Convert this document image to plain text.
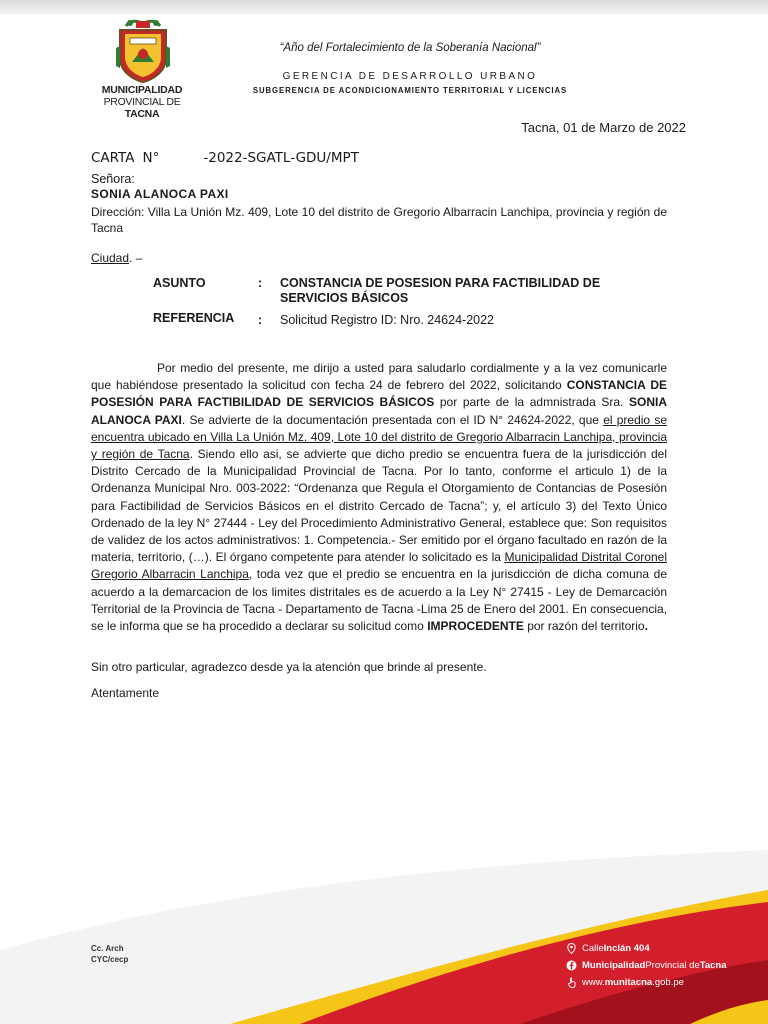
MUNICIPALIDAD
PROVINCIAL DE TACNA
“Año del Fortalecimiento de la Soberanía Nacional”
GERENCIA DE DESARROLLO URBANO
SUBGERENCIA DE ACONDICIONAMIENTO TERRITORIAL Y LICENCIAS
Tacna, 01 de Marzo de 2022
CARTA N°	-2022-SGATL-GDU/MPT
Señora:
SONIA ALANOCA PAXI
Dirección: Villa La Unión Mz. 409, Lote 10 del distrito de Gregorio Albarracin Lanchipa, provincia y región de Tacna
Ciudad. –
ASUNTO	: CONSTANCIA DE POSESION PARA FACTIBILIDAD DE SERVICIOS BÁSICOS
REFERENCIA : Solicitud Registro ID: Nro. 24624-2022
Por medio del presente, me dirijo a usted para saludarlo cordialmente y a la vez comunicarle que habiéndose presentado la solicitud con fecha 24 de febrero del 2022, solicitando CONSTANCIA DE POSESIÓN PARA FACTIBILIDAD DE SERVICIOS BÁSICOS por parte de la admnistrada Sra. SONIA ALANOCA PAXI. Se advierte de la documentación presentada con el ID N° 24624-2022, que el predio se encuentra ubicado en Villa La Unión Mz. 409, Lote 10 del distrito de Gregorio Albarracin Lanchipa, provincia y región de Tacna. Siendo ello asi, se advierte que dicho predio se encuentra fuera de la jurisdicción del Distrito Cercado de la Municipalidad Provincial de Tacna. Por lo tanto, conforme el articulo 1) de la Ordenanza Municipal Nro. 003-2022: “Ordenanza que Regula el Otorgamiento de Contancias de Posesión para Factibilidad de Servicios Básicos en el distrito Cercado de Tacna”; y, el artículo 3) del Texto Único Ordenado de la ley N° 27444 - Ley del Procedimiento Administrativo General, establece que: Son requisitos de validez de los actos administrativos: 1. Competencia.- Ser emitido por el órgano facultado en razón de la materia, territorio, (…). El órgano competente para atender lo solicitado es la Municipalidad Distrital Coronel Gregorio Albarracin Lanchipa, toda vez que el predio se encuentra en la jurisdicción de dicha comuna de acuerdo a la demarcacion de los limites distritales es de acuerdo a la Ley N° 27415 - Ley de Demarcación Territorial de la Provincia de Tacna - Departamento de Tacna -Lima 25 de Enero del 2001. En consecuencia, se le informa que se ha procedido a declarar su solicitud como IMPROCEDENTE por razón del territorio.
Sin otro particular, agradezco desde ya la atención que brinde al presente.
Atentamente
Cc. Arch
CYC/cecp
Calle Inclán 404
Municipalidad Provincial de Tacna
www. munitacna .gob.pe
